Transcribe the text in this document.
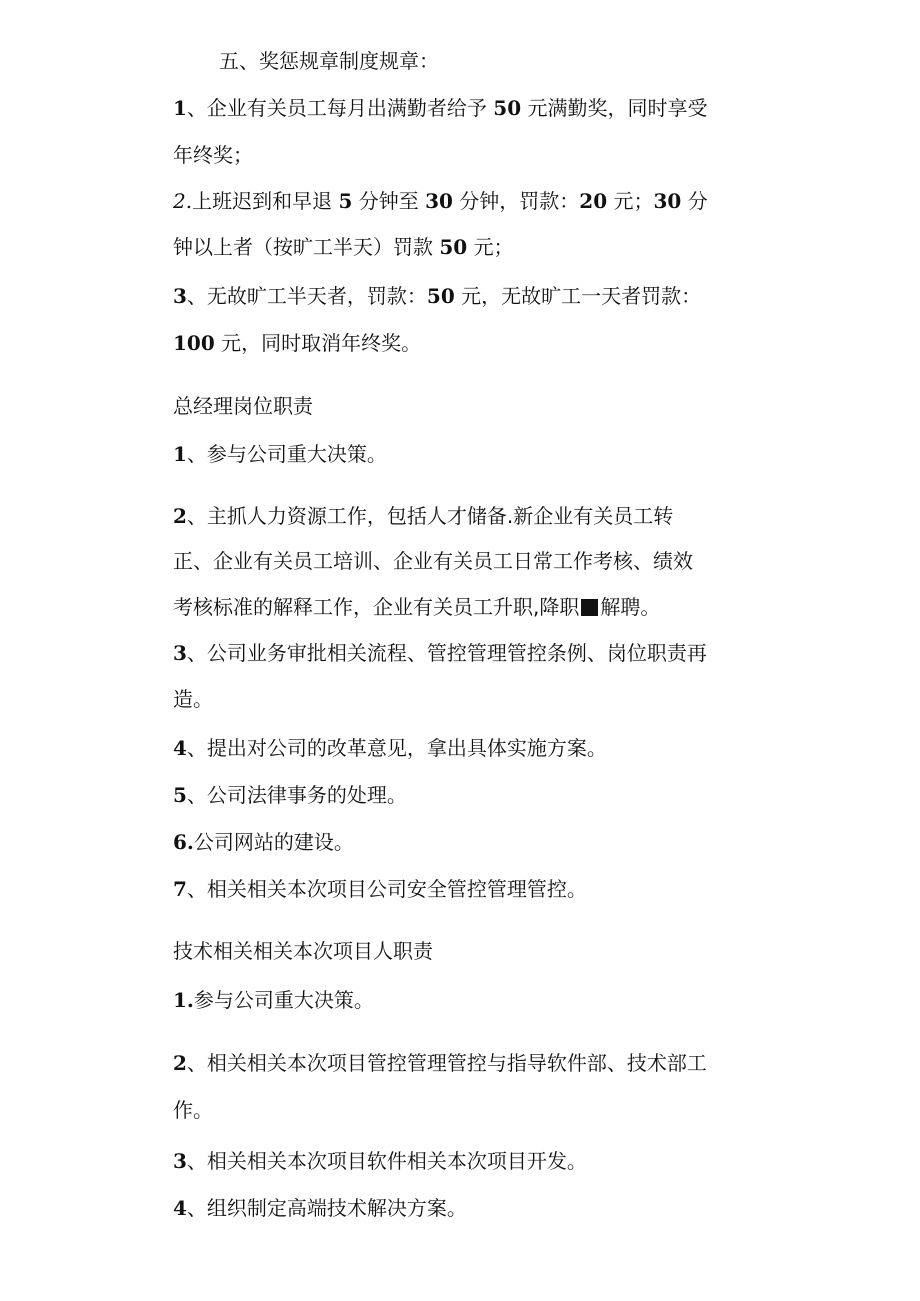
五、奖惩规章制度规章：
1、企业有关员工每月出满勤者给予 50 元满勤奖，同时享受
年终奖；
2.上班迟到和早退 5 分钟至 30 分钟，罚款：20 元；30 分
钟以上者（按旷工半天）罚款 50 元；
3、无故旷工半天者，罚款：50 元，无故旷工一天者罚款：
100 元，同时取消年终奖。
总经理岗位职责
1、参与公司重大决策。
2、主抓人力资源工作，包括人才储备.新企业有关员工转
正、企业有关员工培训、企业有关员工日常工作考核、绩效
考核标准的解释工作，企业有关员工升职,降职 解聘。
3、公司业务审批相关流程、管控管理管控条例、岗位职责再
造。
4、提出对公司的改革意见，拿出具体实施方案。
5、公司法律事务的处理。
6.公司网站的建设。
7、相关相关本次项目公司安全管控管理管控。
技术相关相关本次项目人职责
1.参与公司重大决策。
2、相关相关本次项目管控管理管控与指导软件部、技术部工
作。
3、相关相关本次项目软件相关本次项目开发。
4、组织制定高端技术解决方案。
